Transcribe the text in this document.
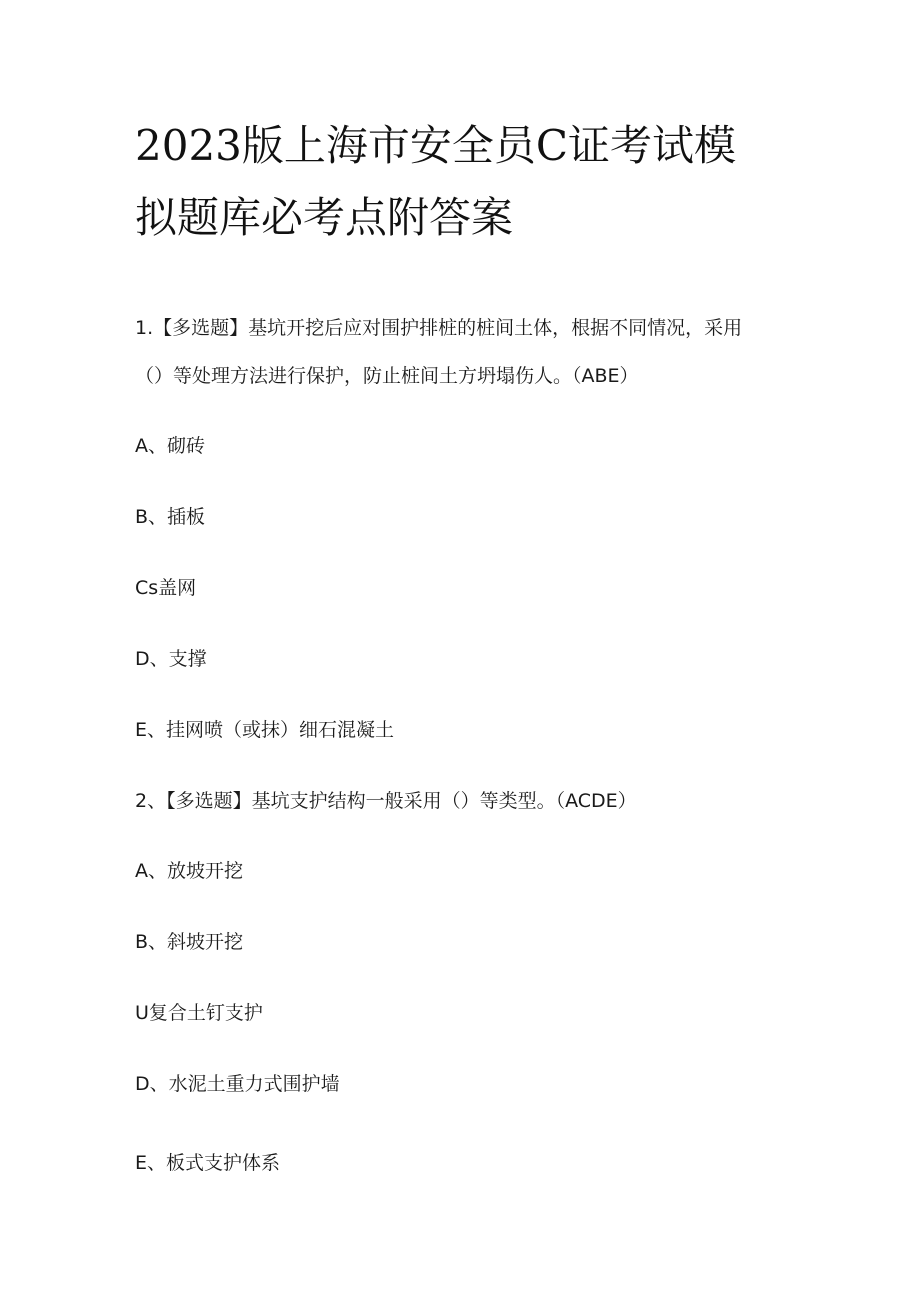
2023版上海市安全员C证考试模
拟题库必考点附答案
1.【多选题】基坑开挖后应对围护排桩的桩间土体，根据不同情况，采用
（）等处理方法进行保护，防止桩间土方坍塌伤人。（ABE）
A、砌砖
B、插板
Cs盖网
D、支撑
E、挂网喷（或抹）细石混凝土
2、【多选题】基坑支护结构一般采用（）等类型。（ACDE）
A、放坡开挖
B、斜坡开挖
U复合土钉支护
D、水泥土重力式围护墙
E、板式支护体系
